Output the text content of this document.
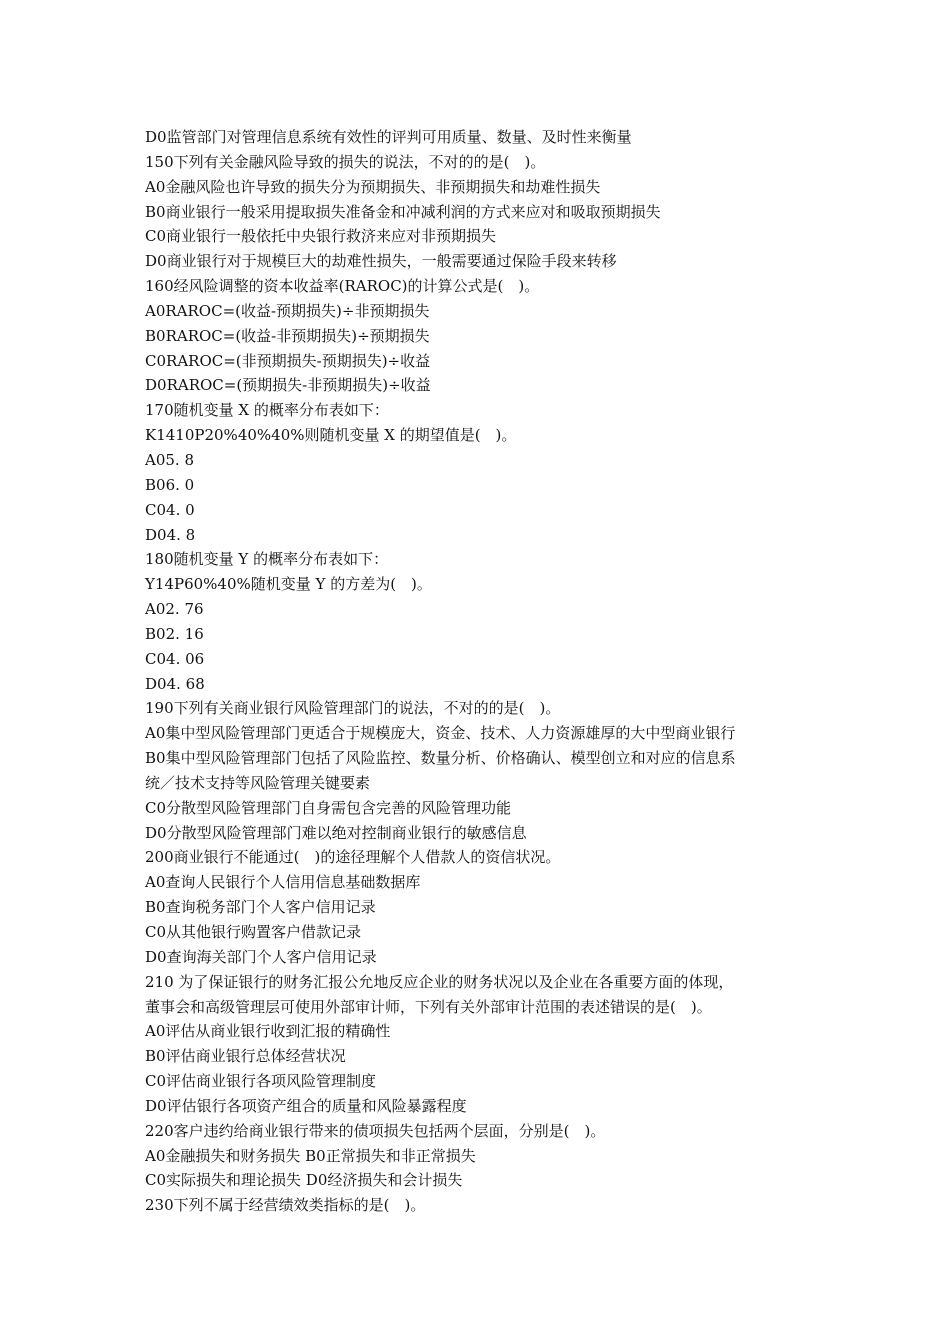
D0监管部门对管理信息系统有效性的评判可用质量、数量、及时性来衡量
150下列有关金融风险导致的损失的说法，不对的的是(　)。
A0金融风险也许导致的损失分为预期损失、非预期损失和劫难性损失
B0商业银行一般采用提取损失准备金和冲减利润的方式来应对和吸取预期损失
C0商业银行一般依托中央银行救济来应对非预期损失
D0商业银行对于规模巨大的劫难性损失，一般需要通过保险手段来转移
160经风险调整的资本收益率(RAROC)的计算公式是(　)。
A0RAROC=(收益-预期损失)÷非预期损失
B0RAROC=(收益-非预期损失)÷预期损失
C0RAROC=(非预期损失-预期损失)÷收益
D0RAROC=(预期损失-非预期损失)÷收益
170随机变量 X 的概率分布表如下：
K1410P20%40%40%则随机变量 X 的期望值是(　)。
A05. 8
B06. 0
C04. 0
D04. 8
180随机变量 Y 的概率分布表如下：
Y14P60%40%随机变量 Y 的方差为(　)。
A02. 76
B02. 16
C04. 06
D04. 68
190下列有关商业银行风险管理部门的说法，不对的的是(　)。
A0集中型风险管理部门更适合于规模庞大，资金、技术、人力资源雄厚的大中型商业银行
B0集中型风险管理部门包括了风险监控、数量分析、价格确认、模型创立和对应的信息系
统／技术支持等风险管理关键要素
C0分散型风险管理部门自身需包含完善的风险管理功能
D0分散型风险管理部门难以绝对控制商业银行的敏感信息
200商业银行不能通过(　)的途径理解个人借款人的资信状况。
A0查询人民银行个人信用信息基础数据库
B0查询税务部门个人客户信用记录
C0从其他银行购置客户借款记录
D0查询海关部门个人客户信用记录
210 为了保证银行的财务汇报公允地反应企业的财务状况以及企业在各重要方面的体现，
董事会和高级管理层可使用外部审计师，下列有关外部审计范围的表述错误的是(　)。
A0评估从商业银行收到汇报的精确性
B0评估商业银行总体经营状况
C0评估商业银行各项风险管理制度
D0评估银行各项资产组合的质量和风险暴露程度
220客户违约给商业银行带来的债项损失包括两个层面，分别是(　)。
A0金融损失和财务损失 B0正常损失和非正常损失
C0实际损失和理论损失 D0经济损失和会计损失
230下列不属于经营绩效类指标的是(　)。
